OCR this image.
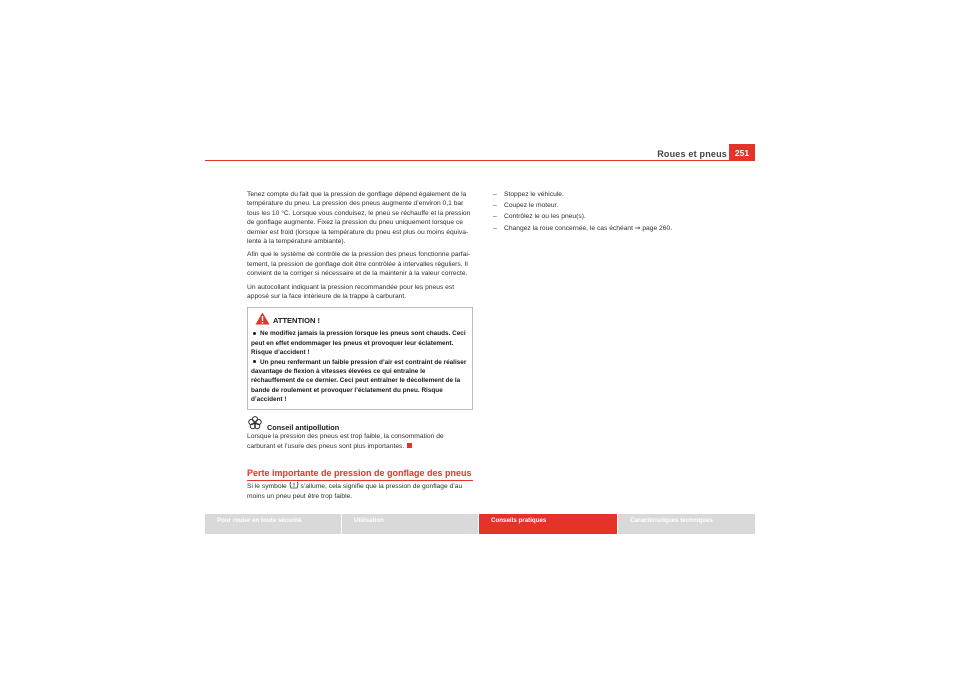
Roues et pneus 251

Tenez compte du fait que la pression de gonflage dépend également de la température du pneu. La pression des pneus augmente d’environ 0,1 bar tous les 10 °C. Lorsque vous conduisez, le pneu se réchauffe et la pression de gonflage augmente. Fixez la pression du pneu uniquement lorsque ce dernier est froid (lorsque la température du pneu est plus ou moins équiva-lente à la température ambiante).

Afin que le système de contrôle de la pression des pneus fonctionne parfai-tement, la pression de gonflage doit être contrôlée à intervalles réguliers. Il convient de la corriger si nécessaire et de la maintenir à la valeur correcte.

Un autocollant indiquant la pression recommandée pour les pneus est apposé sur la face intérieure de la trappe à carburant.

ATTENTION !
Ne modifiez jamais la pression lorsque les pneus sont chauds. Ceci peut en effet endommager les pneus et provoquer leur éclatement. Risque d’accident !
Un pneu renfermant un faible pression d’air est contraint de réaliser davantage de flexion à vitesses élevées ce qui entraîne le réchauffement de ce dernier. Ceci peut entraîner le décollement de la bande de roulement et provoquer l’éclatement du pneu. Risque d’accident !
Conseil antipollution

Lorsque la pression des pneus est trop faible, la consommation de carburant et l’usure des pneus sont plus importantes.

Perte importante de pression de gonflage des pneus

Si le symbole s’allume, cela signifie que la pression de gonflage d’au moins un pneu peut être trop faible.

– Stoppez le véhicule.
– Coupez le moteur.
– Contrôlez le ou les pneu(s).
– Changez la roue concernée, le cas échéant ⇒ page 260.
Pour rouler en toute sécurité	Utilisation	Conseils pratiques	Caractéristiques techniques
